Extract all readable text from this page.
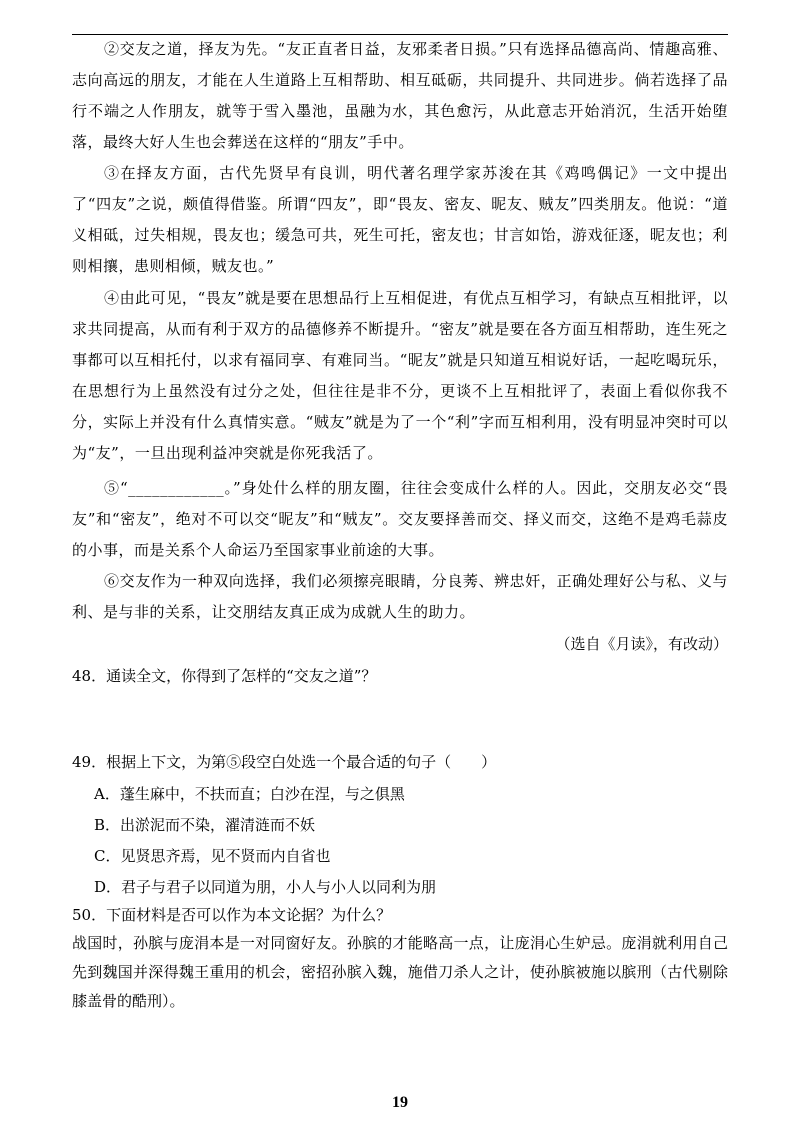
②交友之道，择友为先。“友正直者日益，友邪柔者日损。”只有选择品德高尚、情趣高雅、志向高远的朋友，才能在人生道路上互相帮助、相互砥砺，共同提升、共同进步。倘若选择了品行不端之人作朋友，就等于雪入墨池，虽融为水，其色愈污，从此意志开始消沉，生活开始堕落，最终大好人生也会葬送在这样的“朋友”手中。

③在择友方面，古代先贤早有良训，明代著名理学家苏浚在其《鸡鸣偶记》一文中提出了“四友”之说，颇值得借鉴。所谓“四友”，即“畏友、密友、昵友、贼友”四类朋友。他说：“道义相砥，过失相规，畏友也；缓急可共，死生可托，密友也；甘言如饴，游戏征逐，昵友也；利则相攘，患则相倾，贼友也。”

④由此可见，“畏友”就是要在思想品行上互相促进，有优点互相学习，有缺点互相批评，以求共同提高，从而有利于双方的品德修养不断提升。“密友”就是要在各方面互相帮助，连生死之事都可以互相托付，以求有福同享、有难同当。“昵友”就是只知道互相说好话，一起吃喝玩乐，在思想行为上虽然没有过分之处，但往往是非不分，更谈不上互相批评了，表面上看似你我不分，实际上并没有什么真情实意。“贼友”就是为了一个“利”字而互相利用，没有明显冲突时可以为“友”，一旦出现利益冲突就是你死我活了。

⑤“____________。”身处什么样的朋友圈，往往会变成什么样的人。因此，交朋友必交“畏友”和“密友”，绝对不可以交“昵友”和“贼友”。交友要择善而交、择义而交，这绝不是鸡毛蒜皮的小事，而是关系个人命运乃至国家事业前途的大事。

⑥交友作为一种双向选择，我们必须擦亮眼睛，分良莠、辨忠奸，正确处理好公与私、义与利、是与非的关系，让交朋结友真正成为成就人生的助力。

（选自《月读》，有改动）
48．通读全文，你得到了怎样的“交友之道”？
49．根据上下文，为第⑤段空白处选一个最合适的句子（　　）
A．蓬生麻中，不扶而直；白沙在涅，与之俱黑
B．出淤泥而不染，濯清涟而不妖
C．见贤思齐焉，见不贤而内自省也
D．君子与君子以同道为朋，小人与小人以同利为朋
50．下面材料是否可以作为本文论据？为什么？
战国时，孙膑与庞涓本是一对同窗好友。孙膑的才能略高一点，让庞涓心生妒忌。庞涓就利用自己先到魏国并深得魏王重用的机会，密招孙膑入魏，施借刀杀人之计，使孙膑被施以膑刑（古代剔除膝盖骨的酷刑）。
19
